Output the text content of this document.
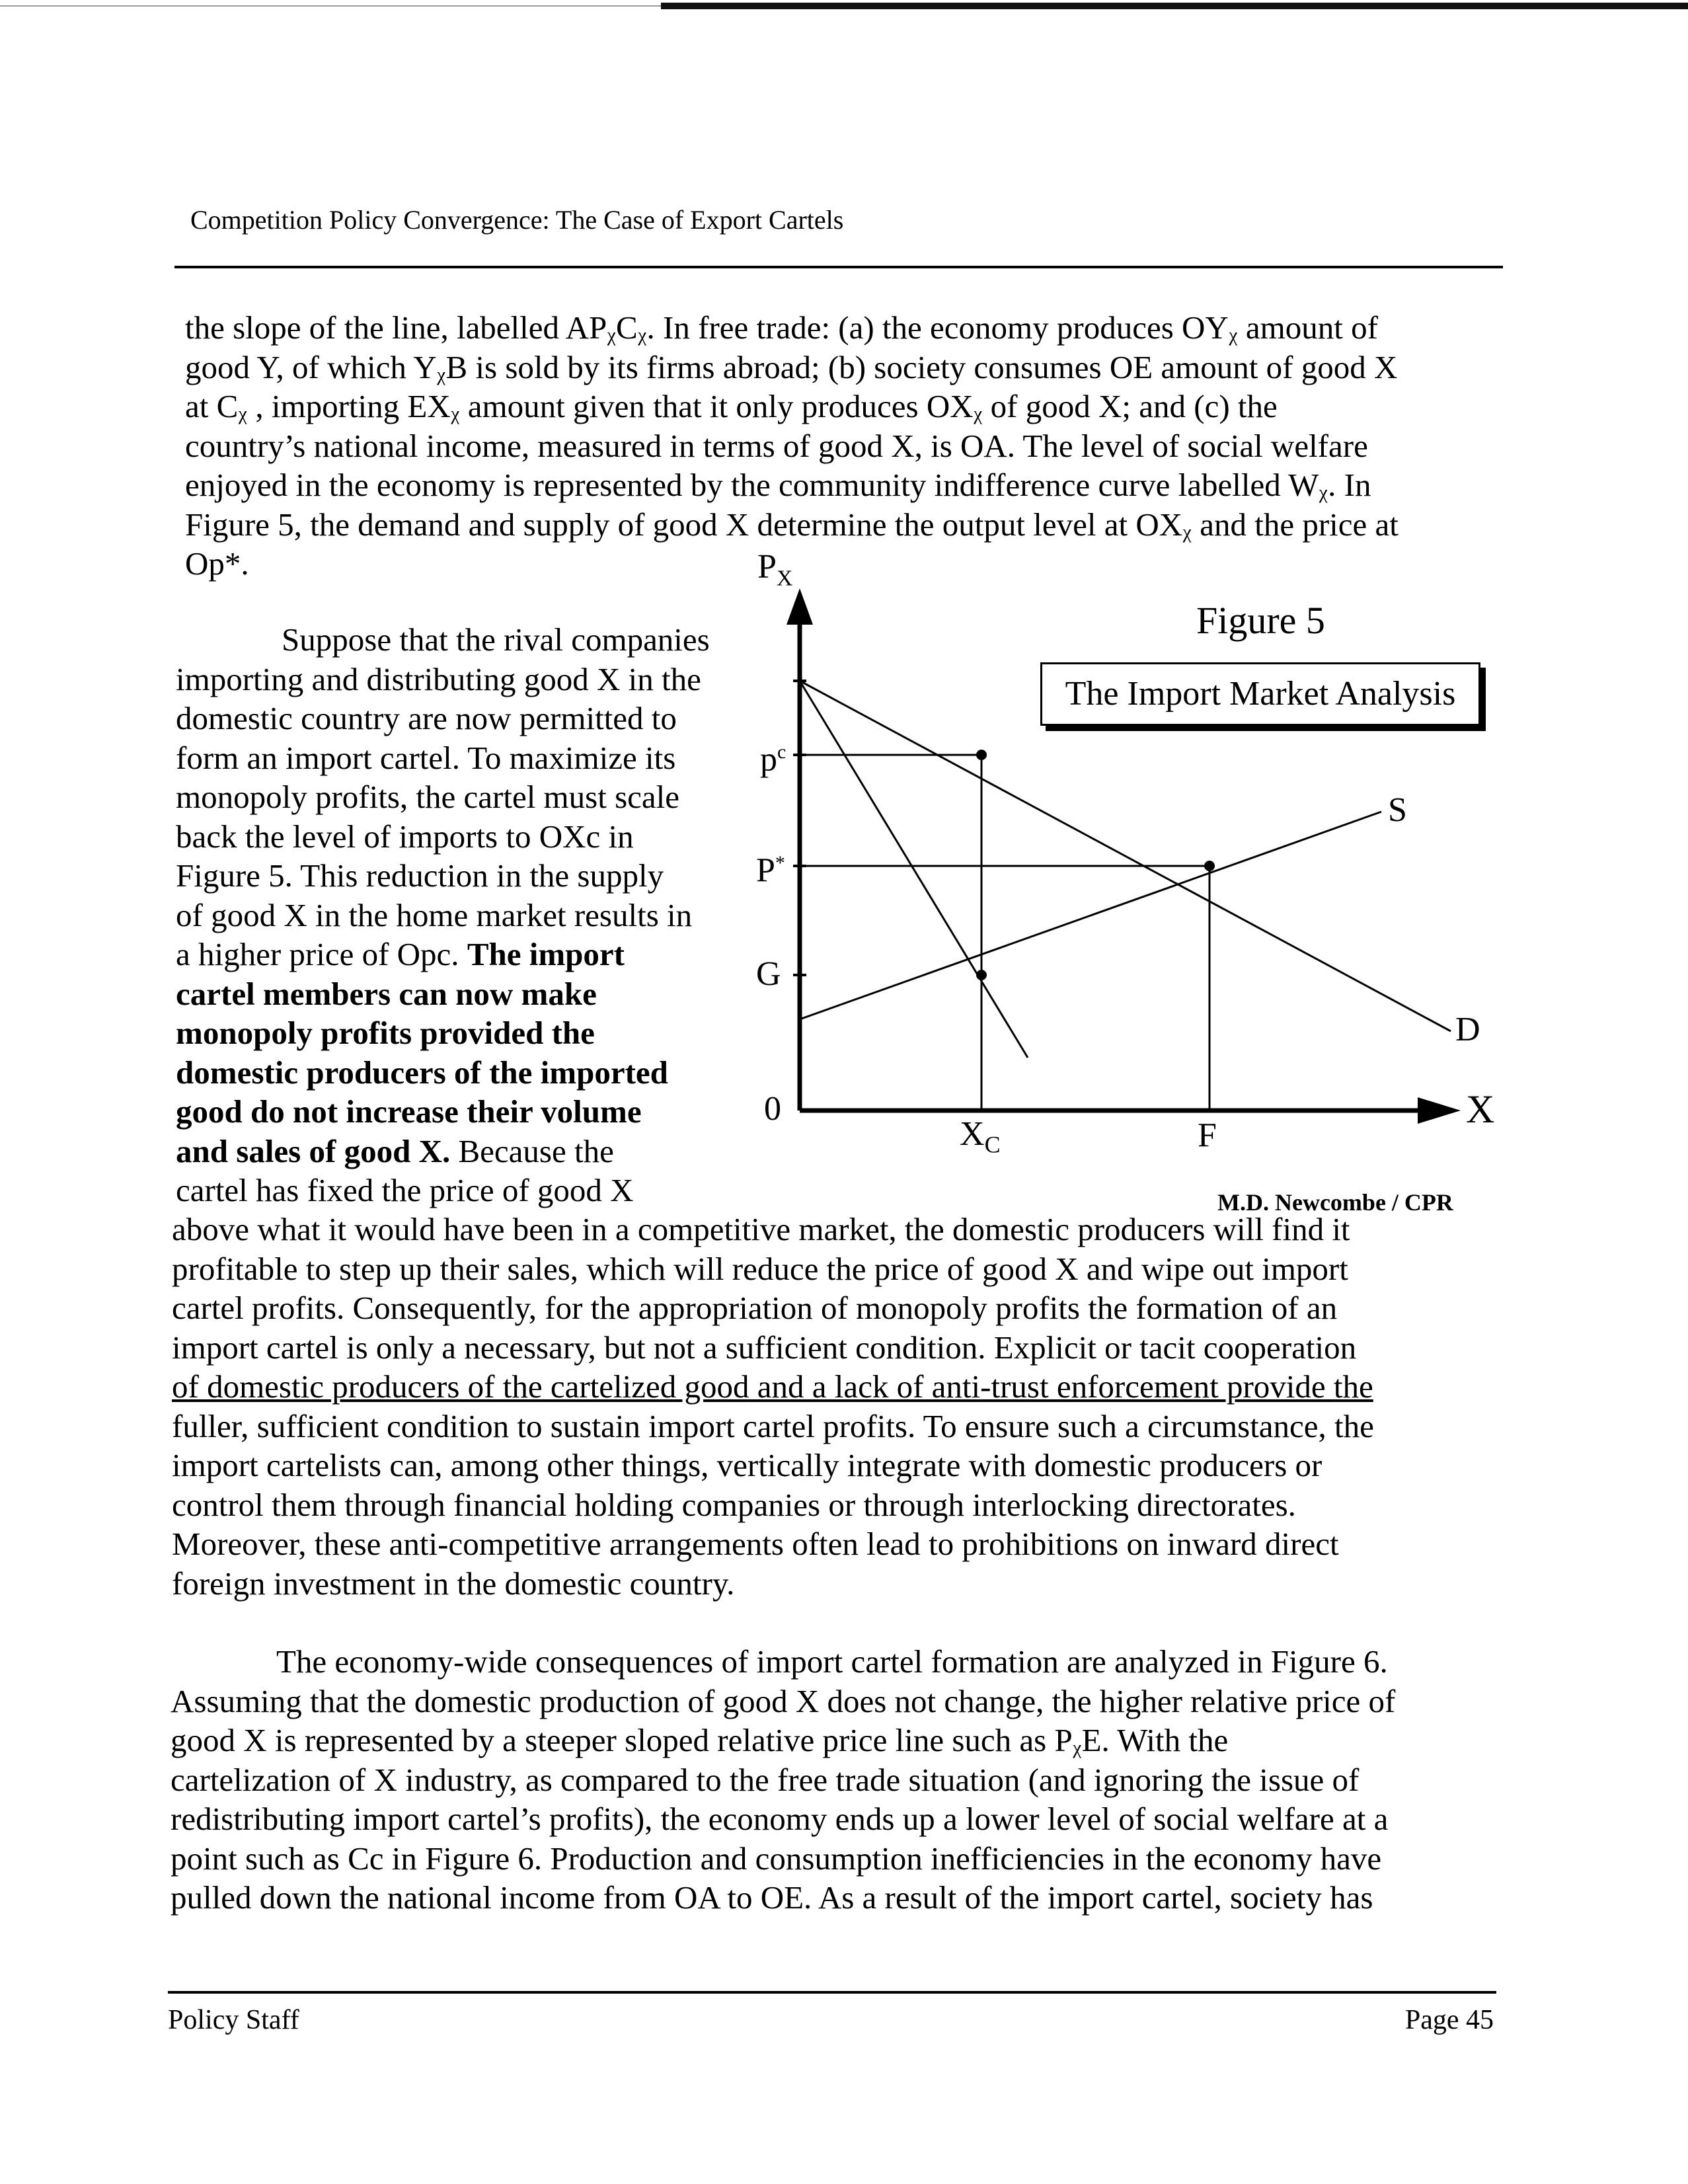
Competition Policy Convergence: The Case of Export Cartels

the slope of the line, labelled APᵪCᵪ. In free trade: (a) the economy produces OYᵪ amount of
good Y, of which YᵪB is sold by its firms abroad; (b) society consumes OE amount of good X
at Cᵪ , importing EXᵪ amount given that it only produces OXᵪ of good X; and (c) the
country’s national income, measured in terms of good X, is OA. The level of social welfare
enjoyed in the economy is represented by the community indifference curve labelled Wᵪ. In
Figure 5, the demand and supply of good X determine the output level at OXᵪ and the price at
Op*.

Suppose that the rival companies
importing and distributing good X in the
domestic country are now permitted to
form an import cartel. To maximize its
monopoly profits, the cartel must scale
back the level of imports to OXc in
Figure 5. This reduction in the supply
of good X in the home market results in
a higher price of Opc. The import
cartel members can now make
monopoly profits provided the
domestic producers of the imported
good do not increase their volume
and sales of good X. Because the
cartel has fixed the price of good X

$P_X$
$p^c$
P*
G
0
$X_C$	F
X
S
D
Figure 5
The Import Market Analysis
M.D. Newcombe / CPR

above what it would have been in a competitive market, the domestic producers will find it
profitable to step up their sales, which will reduce the price of good X and wipe out import
cartel profits. Consequently, for the appropriation of monopoly profits the formation of an
import cartel is only a necessary, but not a sufficient condition. Explicit or tacit cooperation
of domestic producers of the cartelized good and a lack of anti-trust enforcement provide the
fuller, sufficient condition to sustain import cartel profits. To ensure such a circumstance, the
import cartelists can, among other things, vertically integrate with domestic producers or
control them through financial holding companies or through interlocking directorates.
Moreover, these anti-competitive arrangements often lead to prohibitions on inward direct
foreign investment in the domestic country.

The economy-wide consequences of import cartel formation are analyzed in Figure 6.
Assuming that the domestic production of good X does not change, the higher relative price of
good X is represented by a steeper sloped relative price line such as PᵪE. With the
cartelization of X industry, as compared to the free trade situation (and ignoring the issue of
redistributing import cartel’s profits), the economy ends up a lower level of social welfare at a
point such as Cc in Figure 6. Production and consumption inefficiencies in the economy have
pulled down the national income from OA to OE. As a result of the import cartel, society has

Policy Staff	Page 45
